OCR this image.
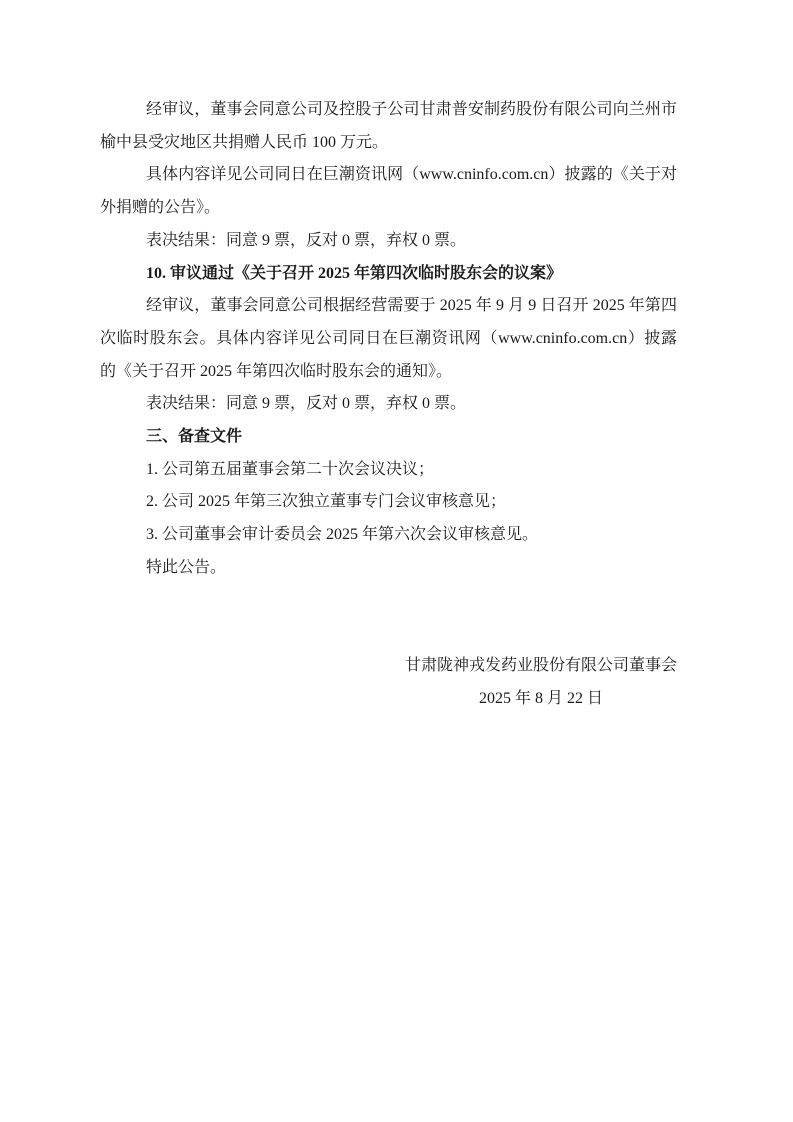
经审议，董事会同意公司及控股子公司甘肃普安制药股份有限公司向兰州市榆中县受灾地区共捐赠人民币 100 万元。

具体内容详见公司同日在巨潮资讯网（www.cninfo.com.cn）披露的《关于对外捐赠的公告》。

表决结果：同意 9 票，反对 0 票，弃权 0 票。

10. 审议通过《关于召开 2025 年第四次临时股东会的议案》

经审议，董事会同意公司根据经营需要于 2025 年 9 月 9 日召开 2025 年第四次临时股东会。具体内容详见公司同日在巨潮资讯网（www.cninfo.com.cn）披露的《关于召开 2025 年第四次临时股东会的通知》。

表决结果：同意 9 票，反对 0 票，弃权 0 票。

三、备查文件

1. 公司第五届董事会第二十次会议决议；

2. 公司 2025 年第三次独立董事专门会议审核意见；

3. 公司董事会审计委员会 2025 年第六次会议审核意见。

特此公告。

甘肃陇神戎发药业股份有限公司董事会

2025 年 8 月 22 日
